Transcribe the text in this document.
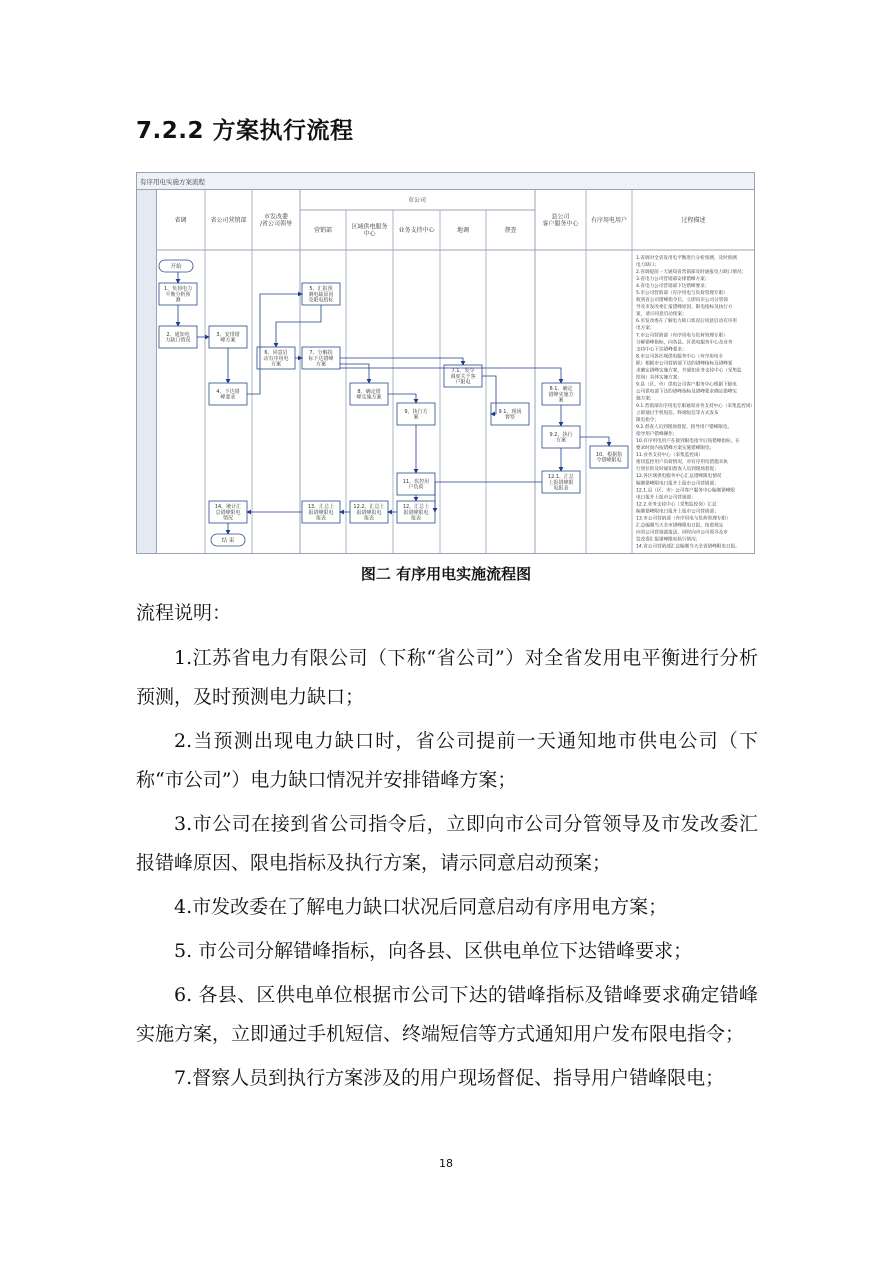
7.2.2 方案执行流程
有序用电实施方案流程
市公司
省调	省公司营销部	市发改委/省公司领导
营销部	区域供电服务中心	业务支持中心	地调	督查
县公司客户服务中心 有序用电用户	过程描述
开始
1、负荷电力平衡分析预测
2、通知电力缺口情况
3、安排错峰方案
4、下达错峰要求
5、汇报预测电缺原因及限电指标
6、同意启动有序用电方案
7、分解指标下达错峰方案
7.1、发令调度关于客户限电
8、确定错峰实施方案
8.1、确定错峰实施方案
9、执行方案
9.1、现场督察
9.2、执行方案
10、根据指令错峰限电
11、监控用户负荷
12、汇总上报错峰限电报表
12.1、汇总上报错峰限电报表
12.2、汇总上报错峰报电报表
13、汇总上报错峰限电报表
14、统计汇总错峰限电情况
结 束
1.省调对全省发用电平衡进行分析预测，及时预测
电力缺口；
2.省调提前一天通知省营销部及时通报电力缺口情况；
3.省电力公司营销部安排错峰方案；
4.省电力公司营销部下达错峰要求；
5.市公司营销部（有序用电与负荷管理专职）
收到省公司错峰指令后，立即向市公司分管领
导及市发改委汇报错峰原因、限电指标及执行方
案，请示同意启动预案；
6.市发改委在了解电力缺口状况后同意启动有序用
电方案；
7.市公司营销部（有序用电与负荷管理专职）
分解错峰指标，向各县、区供电服务中心及业务
支持中心下达错峰要求；
8.市公司各区域供电服务中心（有序用电专
职）根据市公司营销部下达的错峰指标及错峰要
求确定错峰实施方案，并通知业务支持中心（采集监
控岗）具体实施方案；
9.县（区、市）供电公司客户服务中心根据下级电
公司供电部下达的错峰指标及错峰要求确定错峰实
施方案；
9.1.营销部有序用电专职通知业务支持中心（采集监控岗）
立即通过手机短信、终端短信等方式发布
限电指令；
9.2.督查人员到现场督促、指导用户错峰限电，
指导用户错峰操作；
10.有序用电用户在接到限电指令后按错峰指标，在
要求时间内按错峰方案实施错峰限电；
11.业务支持中心（采集监控岗）
密切监控用户负荷情况，对有序用电措施未执
行到位的及时通知督查人员到现场督促；
12.各区域供电服务中心汇总错峰限电情况
编制错峰限电日报并上报市公司营销部；
12.1.县（区、市）公司客户服务中心编制错峰限
电日报并上报市公司营销部；
12.2.业务支持中心（采集监控岗）汇总
编制错峰限电日报并上报市公司营销部；
13.市公司营销部（有序用电与负荷管理专职）
汇总编制当天全市错峰限电日报，按照规定
向省公司营销部报送，同时向市公司领导及市
发改委汇报错峰限电执行情况；
14.省公司营销部汇总编制当天全省错峰限电日报。
图二 有序用电实施流程图

流程说明：

1.江苏省电力有限公司（下称“省公司”）对全省发用电平衡进行分析预测，及时预测电力缺口；

2.当预测出现电力缺口时，省公司提前一天通知地市供电公司（下称“市公司”）电力缺口情况并安排错峰方案；

3.市公司在接到省公司指令后，立即向市公司分管领导及市发改委汇报错峰原因、限电指标及执行方案，请示同意启动预案；

4.市发改委在了解电力缺口状况后同意启动有序用电方案；

5. 市公司分解错峰指标，向各县、区供电单位下达错峰要求；

6. 各县、区供电单位根据市公司下达的错峰指标及错峰要求确定错峰实施方案，立即通过手机短信、终端短信等方式通知用户发布限电指令；

7.督察人员到执行方案涉及的用户现场督促、指导用户错峰限电；

18
